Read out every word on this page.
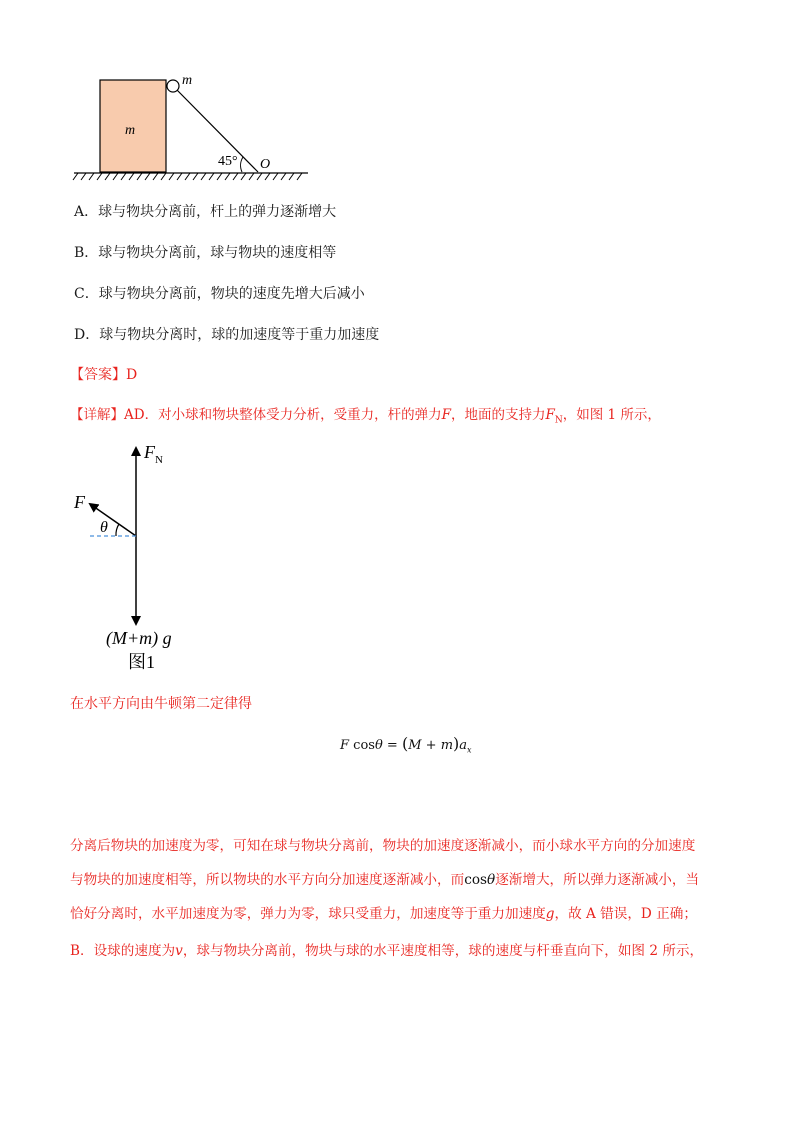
m
m
45° O
A．球与物块分离前，杆上的弹力逐渐增大
B．球与物块分离前，球与物块的速度相等
C．球与物块分离前，物块的速度先增大后减小
D．球与物块分离时，球的加速度等于重力加速度
【答案】D
【详解】AD．对小球和物块整体受力分析，受重力，杆的弹力F，地面的支持力$F_N$，如图 1 所示，
$F_N$
F
θ
(M+m) g
图1
在水平方向由牛顿第二定律得
F $\cos\theta = (M + m)a_x$
分离后物块的加速度为零，可知在球与物块分离前，物块的加速度逐渐减小，而小球水平方向的分加速度
与物块的加速度相等，所以物块的水平方向分加速度逐渐减小，而cosθ逐渐增大，所以弹力逐渐减小，当
恰好分离时，水平加速度为零，弹力为零，球只受重力，加速度等于重力加速度g，故 A 错误，D 正确；
B．设球的速度为v，球与物块分离前，物块与球的水平速度相等，球的速度与杆垂直向下，如图 2 所示，
